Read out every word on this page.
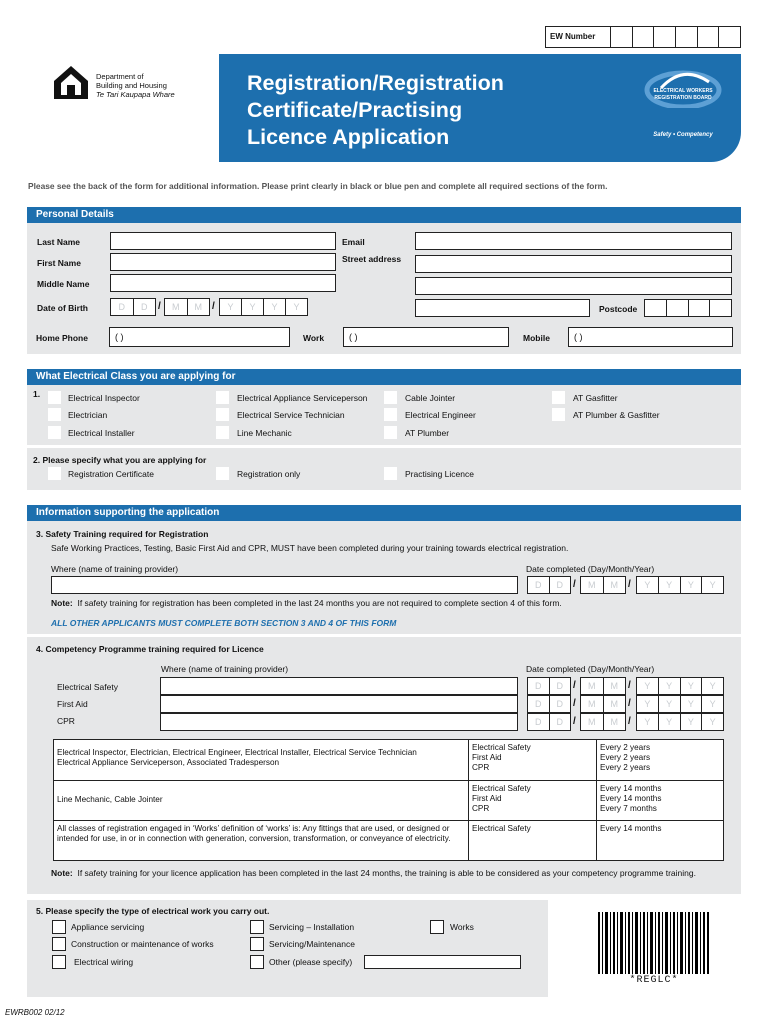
EW Number
Department of
Building and Housing
Te Tari Kaupapa Whare	Registration/Registration
Certificate/Practising
Licence Application
ELECTRICAL WORKERS
REGISTRATION BOARD
Safety • Competency
Please see the back of the form for additional information. Please print clearly in black or blue pen and complete all required sections of the form.
Personal Details
Last Name
First Name
Middle Name
Date of Birth	D	D	/	M	M	/	Y	Y	Y	Y
Email
Street address
Postcode
Home Phone	( )	Work	( )	Mobile	( )
What Electrical Class you are applying for
1.	Electrical Inspector
Electrician
Electrical Installer
Electrical Appliance Serviceperson
Electrical Service Technician
Line Mechanic
Cable Jointer
Electrical Engineer
AT Plumber
AT Gasfitter
AT Plumber & Gasfitter
2. Please specify what you are applying for
Registration Certificate	Registration only	Practising Licence
Information supporting the application
3. Safety Training required for Registration
Safe Working Practices, Testing, Basic First Aid and CPR, MUST have been completed during your training towards electrical registration.
Where (name of training provider)	Date completed (Day/Month/Year)
D	D	/	M	M	/	Y	Y	Y	Y
Note: If safety training for registration has been completed in the last 24 months you are not required to complete section 4 of this form.
ALL OTHER APPLICANTS MUST COMPLETE BOTH SECTION 3 AND 4 OF THIS FORM
4. Competency Programme training required for Licence
Where (name of training provider)	Date completed (Day/Month/Year)
Electrical Safety
First Aid
CPR
D	D	/	M	M	/	Y	Y	Y	Y
D	D	/	M	M	/	Y	Y	Y	Y
D	D	/	M	M	/	Y	Y	Y	Y
Electrical Inspector, Electrician, Electrical Engineer, Electrical Installer, Electrical Service Technician
Electrical Appliance Serviceperson, Associated Tradesperson	Electrical Safety
First Aid
CPR	Every 2 years
Every 2 years
Every 2 years
Line Mechanic, Cable Jointer	Electrical Safety
First Aid
CPR	Every 14 months
Every 14 months
Every 7 months
All classes of registration engaged in ‘Works’ definition of ‘works’ is: Any fittings that are used, or designed or intended for use, in or in connection with generation, conversion, transformation, or conveyance of electricity.	Electrical Safety	Every 14 months
Note: If safety training for your licence application has been completed in the last 24 months, the training is able to be considered as your competency programme training.
5. Please specify the type of electrical work you carry out.
Appliance servicing
Construction or maintenance of works
Electrical wiring
Servicing – Installation
Servicing/Maintenance
Other (please specify)
Works
*REGLC*
EWRB002 02/12
